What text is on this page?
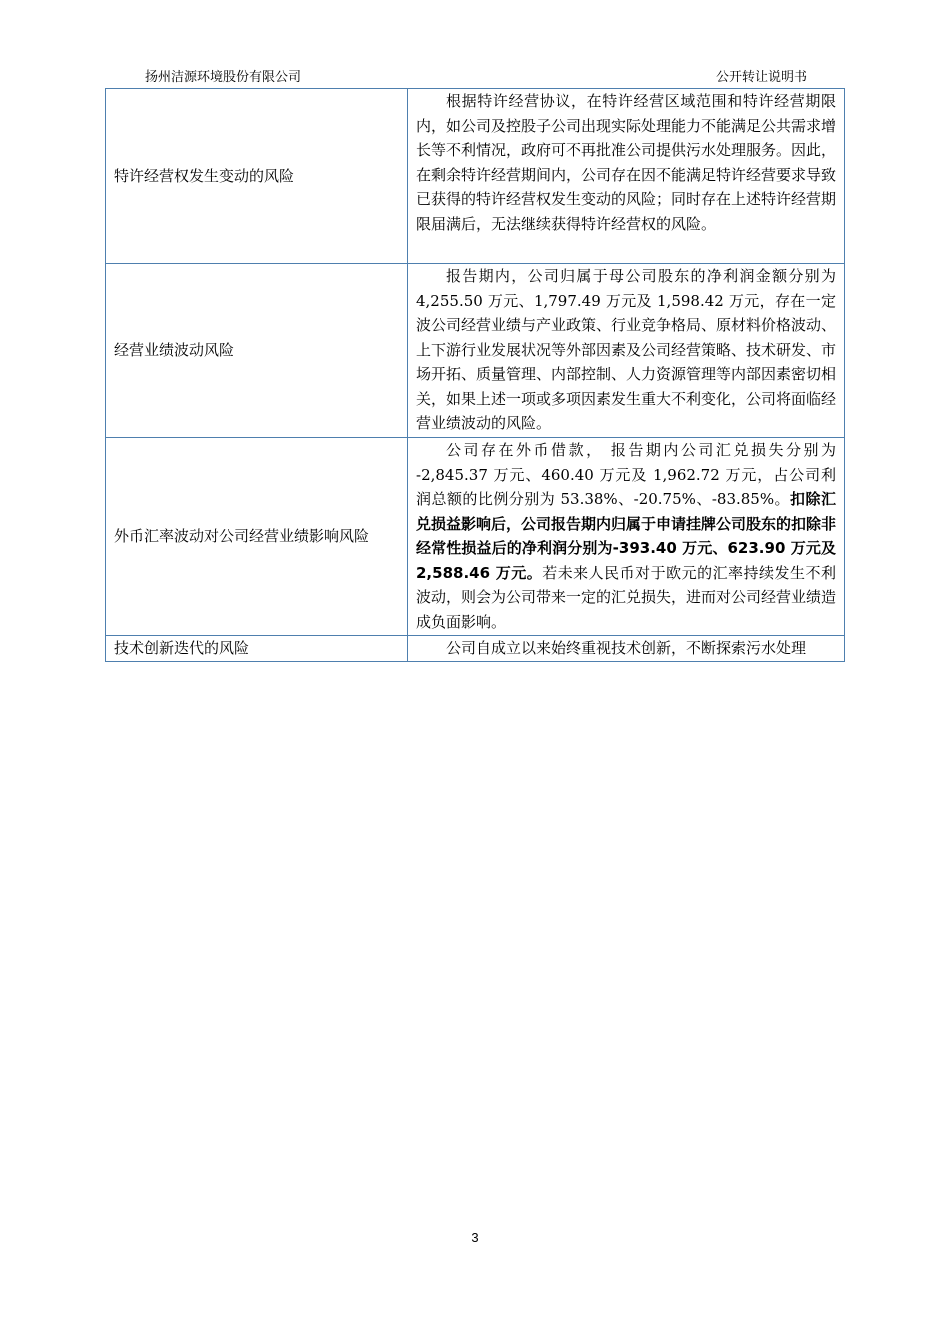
扬州洁源环境股份有限公司	公开转让说明书
特许经营权发生变动的风险	根据特许经营协议，在特许经营区域范围和特许经营期限内，如公司及控股子公司出现实际处理能力不能满足公共需求增长等不利情况，政府可不再批准公司提供污水处理服务。因此，在剩余特许经营期间内，公司存在因不能满足特许经营要求导致已获得的特许经营权发生变动的风险；同时存在上述特许经营期限届满后，无法继续获得特许经营权的风险。
经营业绩波动风险	报告期内，公司归属于母公司股东的净利润金额分别为 4,255.50 万元、1,797.49 万元及 1,598.42 万元，存在一定波公司经营业绩与产业政策、行业竞争格局、原材料价格波动、上下游行业发展状况等外部因素及公司经营策略、技术研发、市场开拓、质量管理、内部控制、人力资源管理等内部因素密切相关，如果上述一项或多项因素发生重大不利变化，公司将面临经营业绩波动的风险。
外币汇率波动对公司经营业绩影响风险	公司存在外币借款， 报告期内公司汇兑损失分别为 -2,845.37 万元、460.40 万元及 1,962.72 万元，占公司利润总额的比例分别为 53.38%、-20.75%、-83.85%。扣除汇兑损益影响后，公司报告期内归属于申请挂牌公司股东的扣除非经常性损益后的净利润分别为-393.40 万元、623.90 万元及 2,588.46 万元。若未来人民币对于欧元的汇率持续发生不利波动，则会为公司带来一定的汇兑损失，进而对公司经营业绩造成负面影响。
技术创新迭代的风险	公司自成立以来始终重视技术创新，不断探索污水处理
3
